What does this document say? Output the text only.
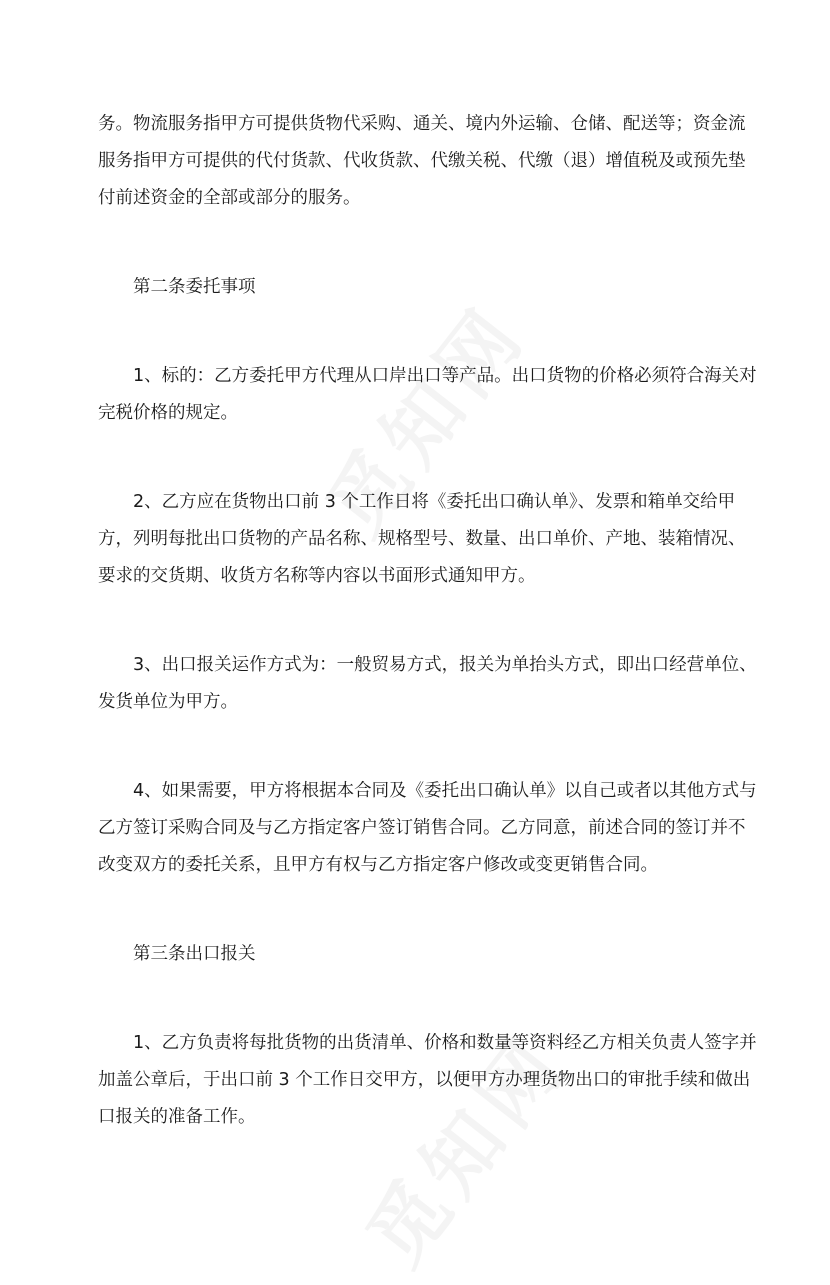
务。物流服务指甲方可提供货物代采购、通关、境内外运输、仓储、配送等；资金流
服务指甲方可提供的代付货款、代收货款、代缴关税、代缴（退）增值税及或预先垫
付前述资金的全部或部分的服务。

第二条委托事项

1、标的：乙方委托甲方代理从口岸出口等产品。出口货物的价格必须符合海关对
完税价格的规定。

2、乙方应在货物出口前 3 个工作日将《委托出口确认单》、发票和箱单交给甲
方，列明每批出口货物的产品名称、规格型号、数量、出口单价、产地、装箱情况、
要求的交货期、收货方名称等内容以书面形式通知甲方。

3、出口报关运作方式为：一般贸易方式，报关为单抬头方式，即出口经营单位、
发货单位为甲方。

4、如果需要，甲方将根据本合同及《委托出口确认单》以自己或者以其他方式与
乙方签订采购合同及与乙方指定客户签订销售合同。乙方同意，前述合同的签订并不
改变双方的委托关系，且甲方有权与乙方指定客户修改或变更销售合同。

第三条出口报关

1、乙方负责将每批货物的出货清单、价格和数量等资料经乙方相关负责人签字并
加盖公章后，于出口前 3 个工作日交甲方，以便甲方办理货物出口的审批手续和做出
口报关的准备工作。
